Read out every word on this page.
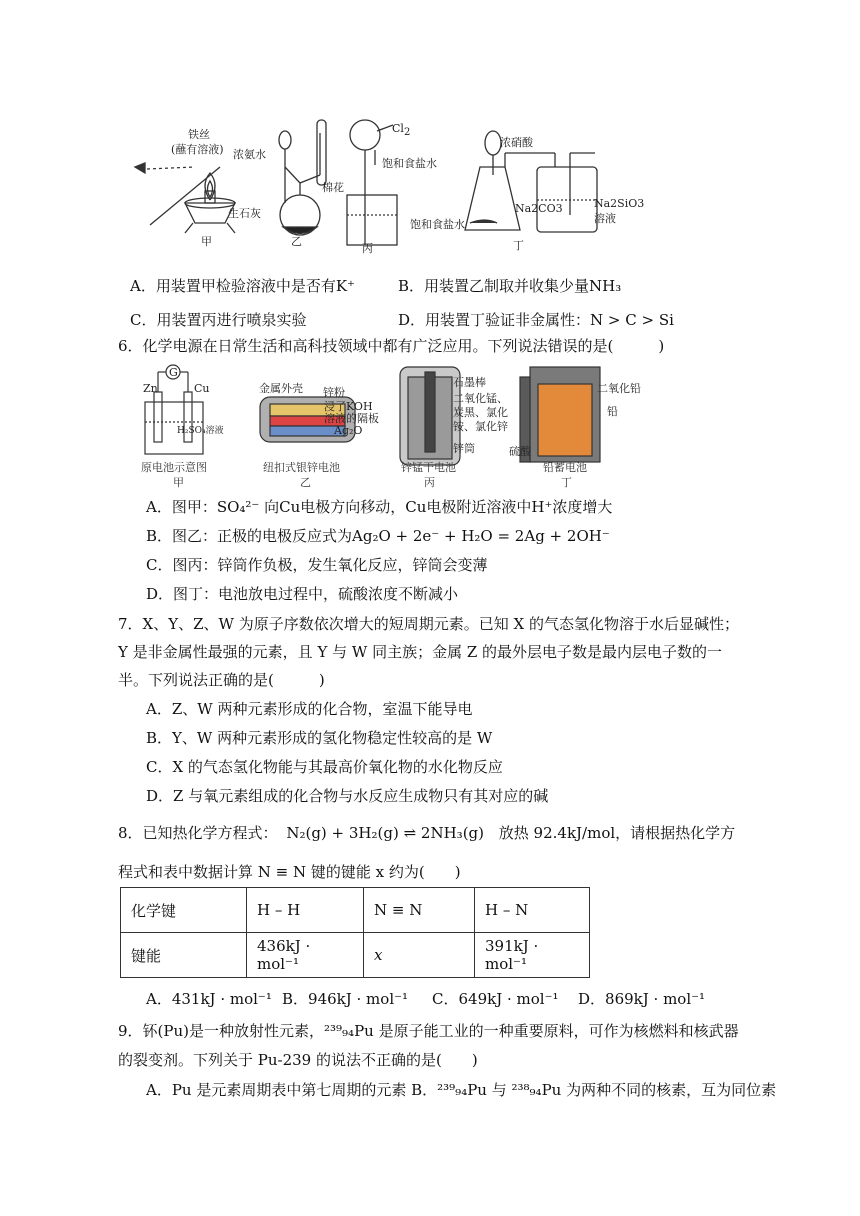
铁丝
(蘸有溶液)
甲
浓氨水
棉花
生石灰
乙
$Cl_2$
饱和食盐水
饱和食盐水
丙
浓硝酸
Na2CO3	Na2SiO3
溶液
丁
A．用装置甲检验溶液中是否有K⁺	B．用装置乙制取并收集少量NH₃
C．用装置丙进行喷泉实验	D．用装置丁验证非金属性：N > C > Si
6．化学电源在日常生活和高科技领域中都有广泛应用。下列说法错误的是(　　　)
G
Zn	Cu
H₂SO₄溶液
原电池示意图
甲
金属外壳 锌粉
浸了KOH
溶液的隔板
Ag₂O
纽扣式银锌电池
乙
石墨棒
二氧化锰、
炭黑、氯化
铵、氯化锌
锌筒
锌锰干电池
丙
二氧化铅
铅
硫酸
铅蓄电池
丁
A．图甲：SO₄²⁻ 向Cu电极方向移动，Cu电极附近溶液中H⁺浓度增大
B．图乙：正极的电极反应式为Ag₂O + 2e⁻ + H₂O = 2Ag + 2OH⁻
C．图丙：锌筒作负极，发生氧化反应，锌筒会变薄
D．图丁：电池放电过程中，硫酸浓度不断减小
7．X、Y、Z、W 为原子序数依次增大的短周期元素。已知 X 的气态氢化物溶于水后显碱性；
Y 是非金属性最强的元素，且 Y 与 W 同主族；金属 Z 的最外层电子数是最内层电子数的一
半。下列说法正确的是(　　　)
A．Z、W 两种元素形成的化合物，室温下能导电
B．Y、W 两种元素形成的氢化物稳定性较高的是 W
C．X 的气态氢化物能与其最高价氧化物的水化物反应
D．Z 与氧元素组成的化合物与水反应生成物只有其对应的碱
8．已知热化学方程式： N₂(g) + 3H₂(g) ⇌ 2NH₃(g) 放热 92.4kJ/mol，请根据热化学方
程式和表中数据计算 N ≡ N 键的键能 x 约为(　　)
化学键	H – H	N ≡ N	H – N
键能	436kJ · mol⁻¹	x	391kJ · mol⁻¹
A．431kJ · mol⁻¹ B．946kJ · mol⁻¹ C．649kJ · mol⁻¹ D．869kJ · mol⁻¹
9．钚(Pu)是一种放射性元素，²³⁹₉₄Pu 是原子能工业的一种重要原料，可作为核燃料和核武器
的裂变剂。下列关于 Pu-239 的说法不正确的是(　　)
A．Pu 是元素周期表中第七周期的元素 B．²³⁹₉₄Pu 与 ²³⁸₉₄Pu 为两种不同的核素，互为同位素
